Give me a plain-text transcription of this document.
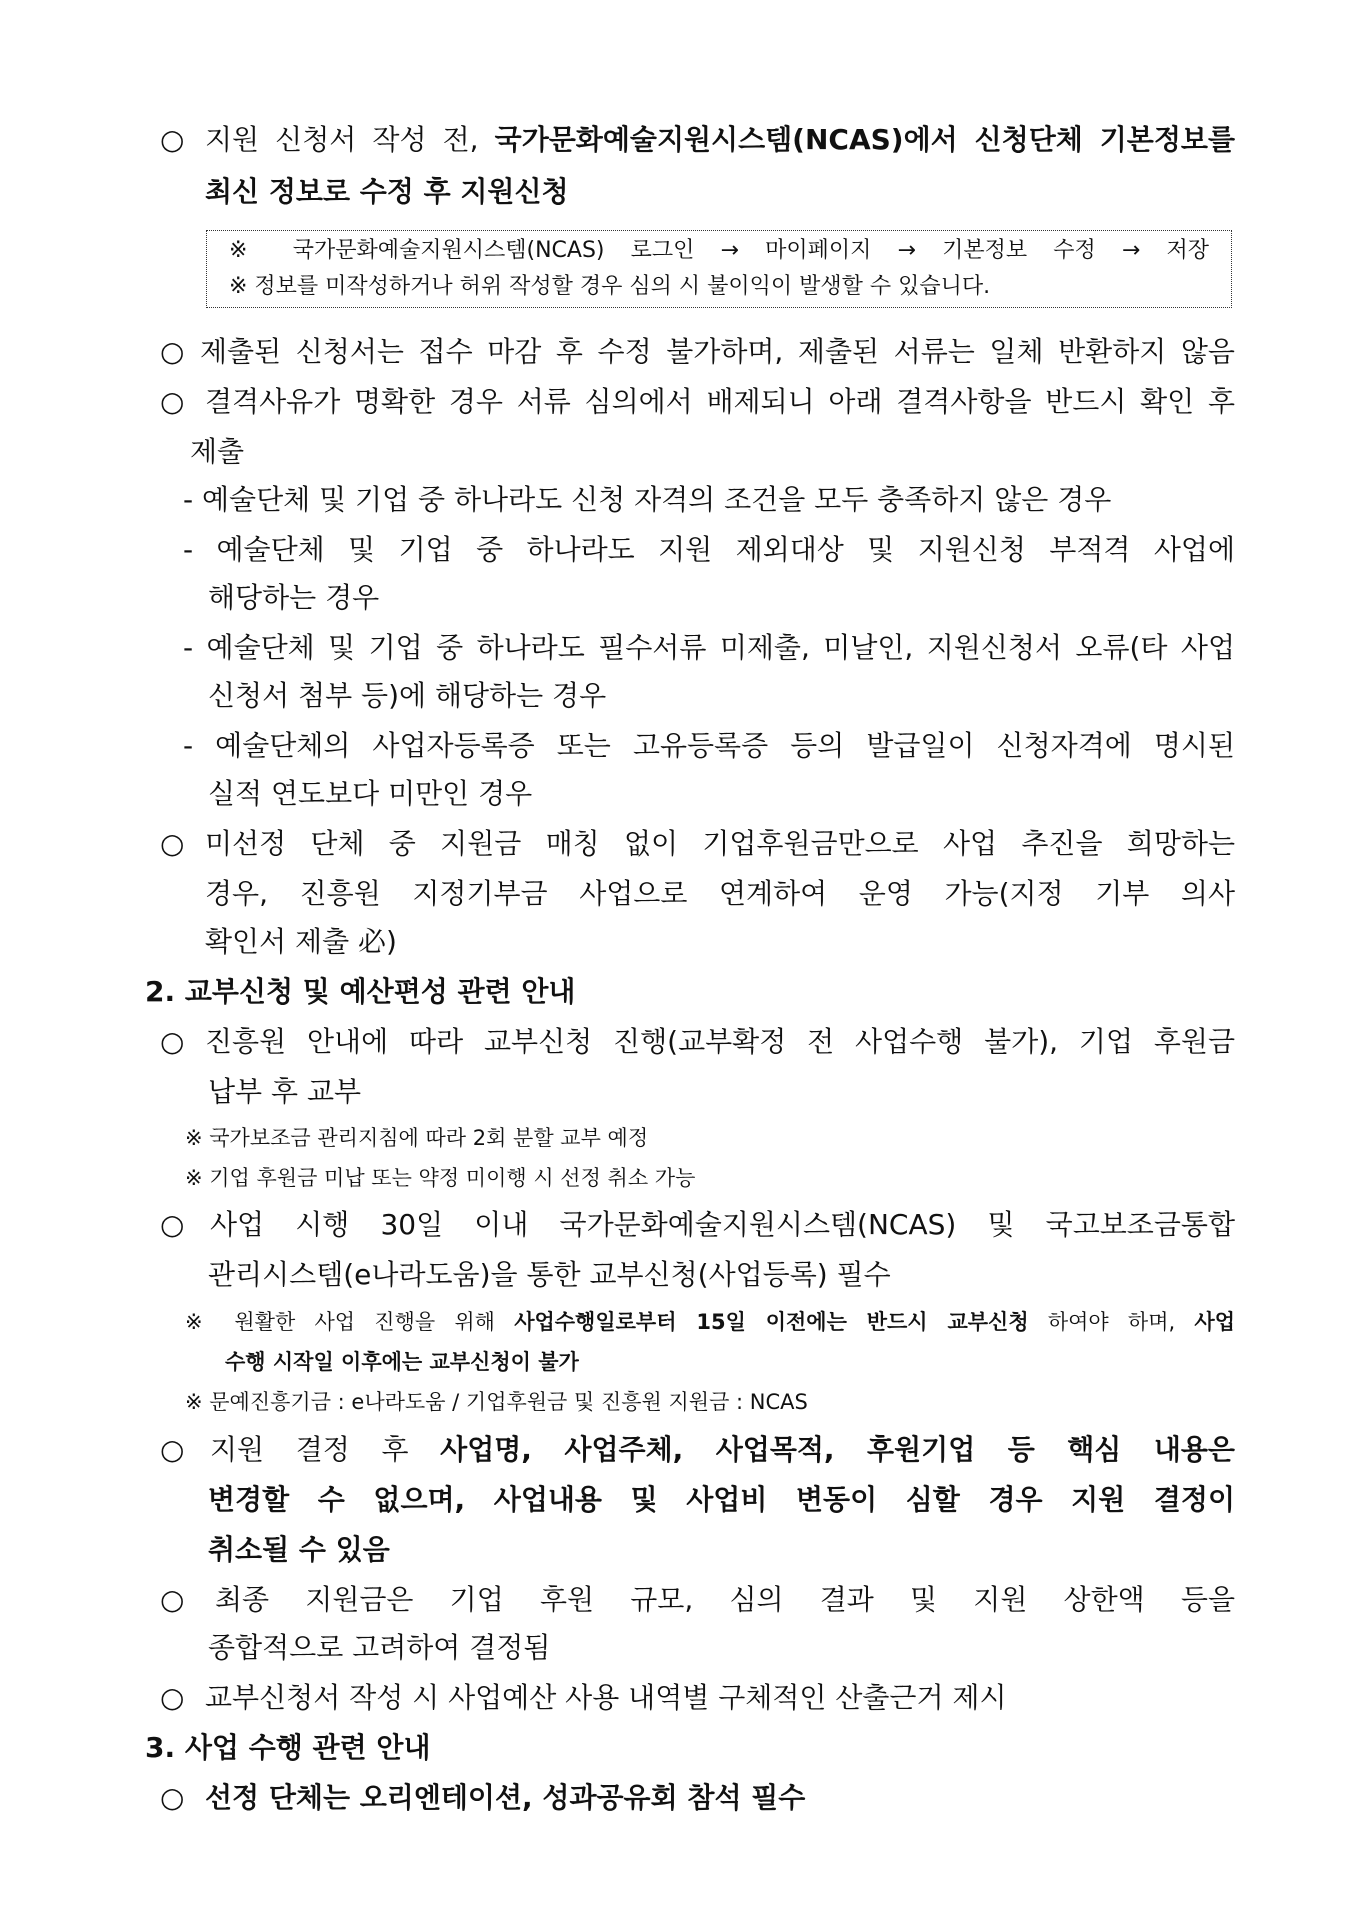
○ 지원 신청서 작성 전, 국가문화예술지원시스템(NCAS)에서 신청단체 기본정보를
최신 정보로 수정 후 지원신청
※ 국가문화예술지원시스템(NCAS) 로그인 → 마이페이지 → 기본정보 수정 → 저장
※ 정보를 미작성하거나 허위 작성할 경우 심의 시 불이익이 발생할 수 있습니다.
○ 제출된 신청서는 접수 마감 후 수정 불가하며, 제출된 서류는 일체 반환하지 않음
○ 결격사유가 명확한 경우 서류 심의에서 배제되니 아래 결격사항을 반드시 확인 후
제출
- 예술단체 및 기업 중 하나라도 신청 자격의 조건을 모두 충족하지 않은 경우
- 예술단체 및 기업 중 하나라도 지원 제외대상 및 지원신청 부적격 사업에
해당하는 경우
- 예술단체 및 기업 중 하나라도 필수서류 미제출, 미날인, 지원신청서 오류(타 사업
신청서 첨부 등)에 해당하는 경우
- 예술단체의 사업자등록증 또는 고유등록증 등의 발급일이 신청자격에 명시된
실적 연도보다 미만인 경우
○ 미선정 단체 중 지원금 매칭 없이 기업후원금만으로 사업 추진을 희망하는
경우, 진흥원 지정기부금 사업으로 연계하여 운영 가능(지정 기부 의사
확인서 제출 必)
2. 교부신청 및 예산편성 관련 안내
○ 진흥원 안내에 따라 교부신청 진행(교부확정 전 사업수행 불가), 기업 후원금
납부 후 교부
※ 국가보조금 관리지침에 따라 2회 분할 교부 예정
※ 기업 후원금 미납 또는 약정 미이행 시 선정 취소 가능
○ 사업 시행 30일 이내 국가문화예술지원시스템(NCAS) 및 국고보조금통합
관리시스템(e나라도움)을 통한 교부신청(사업등록) 필수
※ 원활한 사업 진행을 위해 사업수행일로부터 15일 이전에는 반드시 교부신청 하여야 하며, 사업
수행 시작일 이후에는 교부신청이 불가
※ 문예진흥기금 : e나라도움 / 기업후원금 및 진흥원 지원금 : NCAS
○ 지원 결정 후 사업명, 사업주체, 사업목적, 후원기업 등 핵심 내용은
변경할 수 없으며, 사업내용 및 사업비 변동이 심할 경우 지원 결정이
취소될 수 있음
○ 최종 지원금은 기업 후원 규모, 심의 결과 및 지원 상한액 등을
종합적으로 고려하여 결정됨
○ 교부신청서 작성 시 사업예산 사용 내역별 구체적인 산출근거 제시
3. 사업 수행 관련 안내
○ 선정 단체는 오리엔테이션, 성과공유회 참석 필수
